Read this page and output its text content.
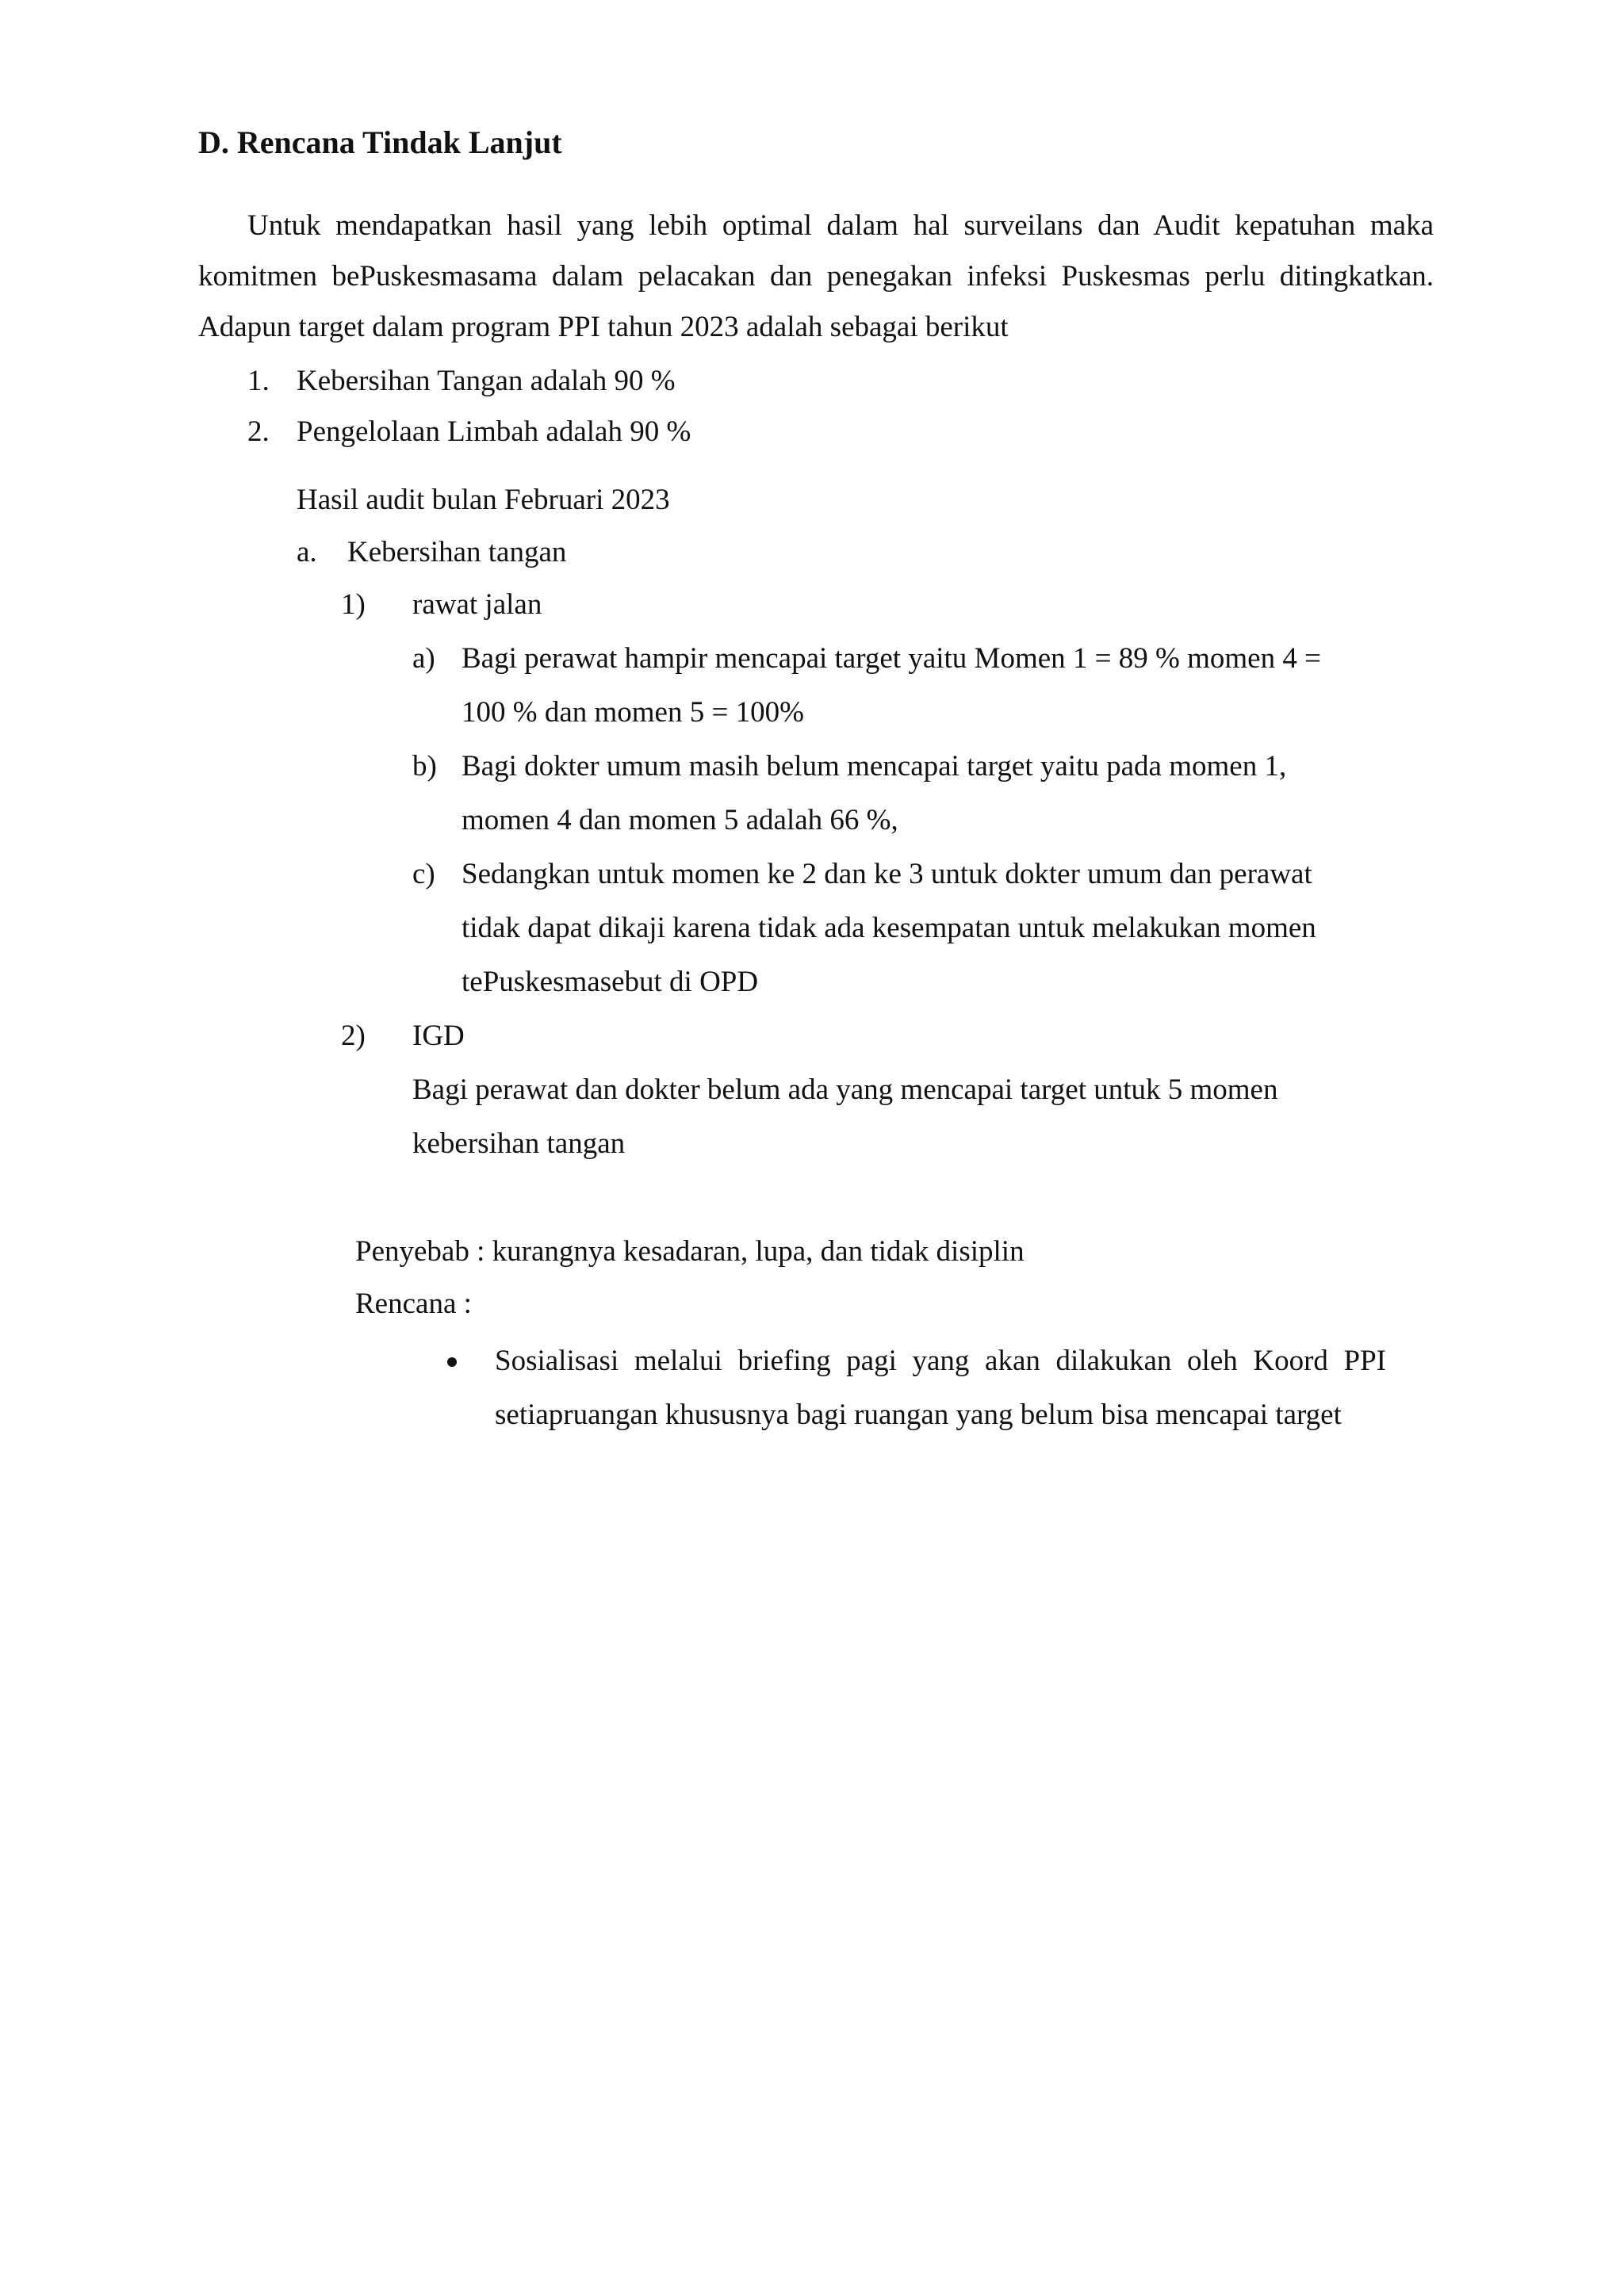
D. Rencana Tindak Lanjut
Untuk mendapatkan hasil yang lebih optimal dalam hal surveilans dan Audit kepatuhan maka
komitmen bePuskesmasama dalam pelacakan dan penegakan infeksi Puskesmas perlu ditingkatkan.
Adapun target dalam program PPI tahun 2023 adalah sebagai berikut
1. Kebersihan Tangan adalah 90 %
2. Pengelolaan Limbah adalah 90 %
Hasil audit bulan Februari 2023
a. Kebersihan tangan
1) rawat jalan
a) Bagi perawat hampir mencapai target yaitu Momen 1 = 89 % momen 4 =
100 % dan momen 5 = 100%
b) Bagi dokter umum masih belum mencapai target yaitu pada momen 1,
momen 4 dan momen 5 adalah 66 %,
c) Sedangkan untuk momen ke 2 dan ke 3 untuk dokter umum dan perawat
tidak dapat dikaji karena tidak ada kesempatan untuk melakukan momen
tePuskesmasebut di OPD
2) IGD
Bagi perawat dan dokter belum ada yang mencapai target untuk 5 momen
kebersihan tangan
Penyebab : kurangnya kesadaran, lupa, dan tidak disiplin
Rencana :
Sosialisasi melalui briefing pagi yang akan dilakukan oleh Koord PPI
setiapruangan khususnya bagi ruangan yang belum bisa mencapai target
